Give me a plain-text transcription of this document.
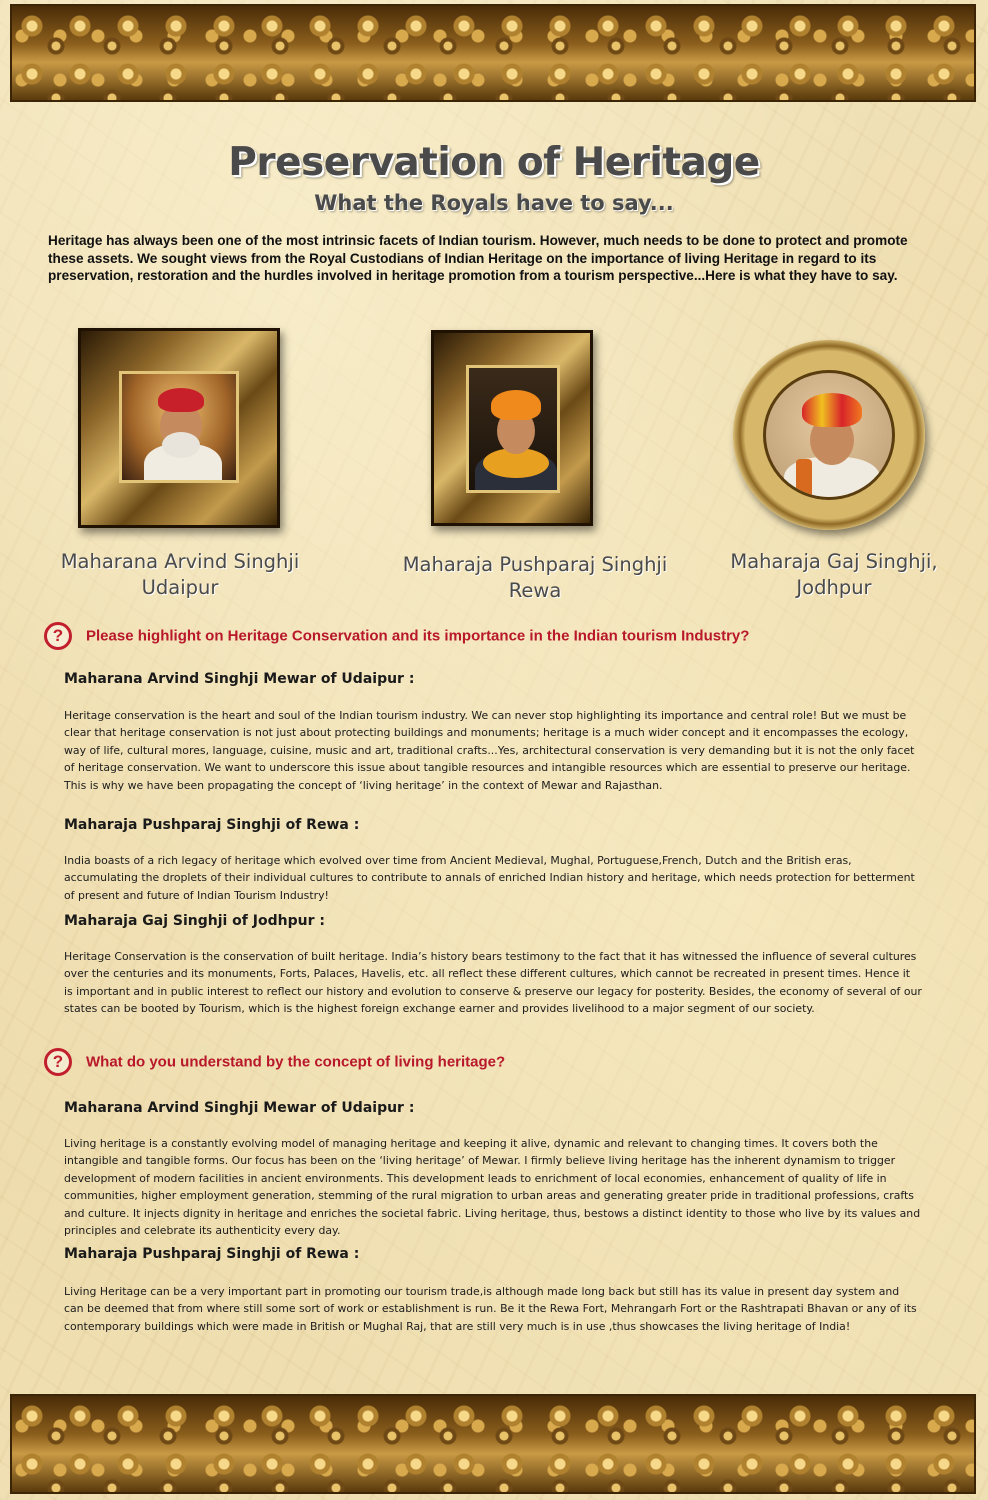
Preservation of Heritage
What the Royals have to say...
Heritage has always been one of the most intrinsic facets of Indian tourism. However, much needs to be done to protect and promote these assets. We sought views from the Royal Custodians of Indian Heritage on the importance of living Heritage in regard to its preservation, restoration and the hurdles involved in heritage promotion from a tourism perspective...Here is what they have to say.
Maharana Arvind Singhji
Udaipur
Maharaja Pushparaj Singhji
Rewa
Maharaja Gaj Singhji,
Jodhpur
? Please highlight on Heritage Conservation and its importance in the Indian tourism Industry?
Maharana Arvind Singhji Mewar of Udaipur :
Heritage conservation is the heart and soul of the Indian tourism industry. We can never stop highlighting its importance and central role! But we must be clear that heritage conservation is not just about protecting buildings and monuments; heritage is a much wider concept and it encompasses the ecology, way of life, cultural mores, language, cuisine, music and art, traditional crafts...Yes, architectural conservation is very demanding but it is not the only facet of heritage conservation. We want to underscore this issue about tangible resources and intangible resources which are essential to preserve our heritage. This is why we have been propagating the concept of ‘living heritage’ in the context of Mewar and Rajasthan.
Maharaja Pushparaj Singhji of Rewa :
India boasts of a rich legacy of heritage which evolved over time from Ancient Medieval, Mughal, Portuguese,French, Dutch and the British eras, accumulating the droplets of their individual cultures to contribute to annals of enriched Indian history and heritage, which needs protection for betterment of present and future of Indian Tourism Industry!
Maharaja Gaj Singhji of Jodhpur :
Heritage Conservation is the conservation of built heritage. India’s history bears testimony to the fact that it has witnessed the influence of several cultures over the centuries and its monuments, Forts, Palaces, Havelis, etc. all reflect these different cultures, which cannot be recreated in present times. Hence it is important and in public interest to reflect our history and evolution to conserve & preserve our legacy for posterity. Besides, the economy of several of our states can be booted by Tourism, which is the highest foreign exchange earner and provides livelihood to a major segment of our society.
? What do you understand by the concept of living heritage?
Maharana Arvind Singhji Mewar of Udaipur :
Living heritage is a constantly evolving model of managing heritage and keeping it alive, dynamic and relevant to changing times. It covers both the intangible and tangible forms. Our focus has been on the ‘living heritage’ of Mewar. I firmly believe living heritage has the inherent dynamism to trigger development of modern facilities in ancient environments. This development leads to enrichment of local economies, enhancement of quality of life in communities, higher employment generation, stemming of the rural migration to urban areas and generating greater pride in traditional professions, crafts and culture. It injects dignity in heritage and enriches the societal fabric. Living heritage, thus, bestows a distinct identity to those who live by its values and principles and celebrate its authenticity every day.
Maharaja Pushparaj Singhji of Rewa :
Living Heritage can be a very important part in promoting our tourism trade,is although made long back but still has its value in present day system and can be deemed that from where still some sort of work or establishment is run. Be it the Rewa Fort, Mehrangarh Fort or the Rashtrapati Bhavan or any of its contemporary buildings which were made in British or Mughal Raj, that are still very much is in use ,thus showcases the living heritage of India!
